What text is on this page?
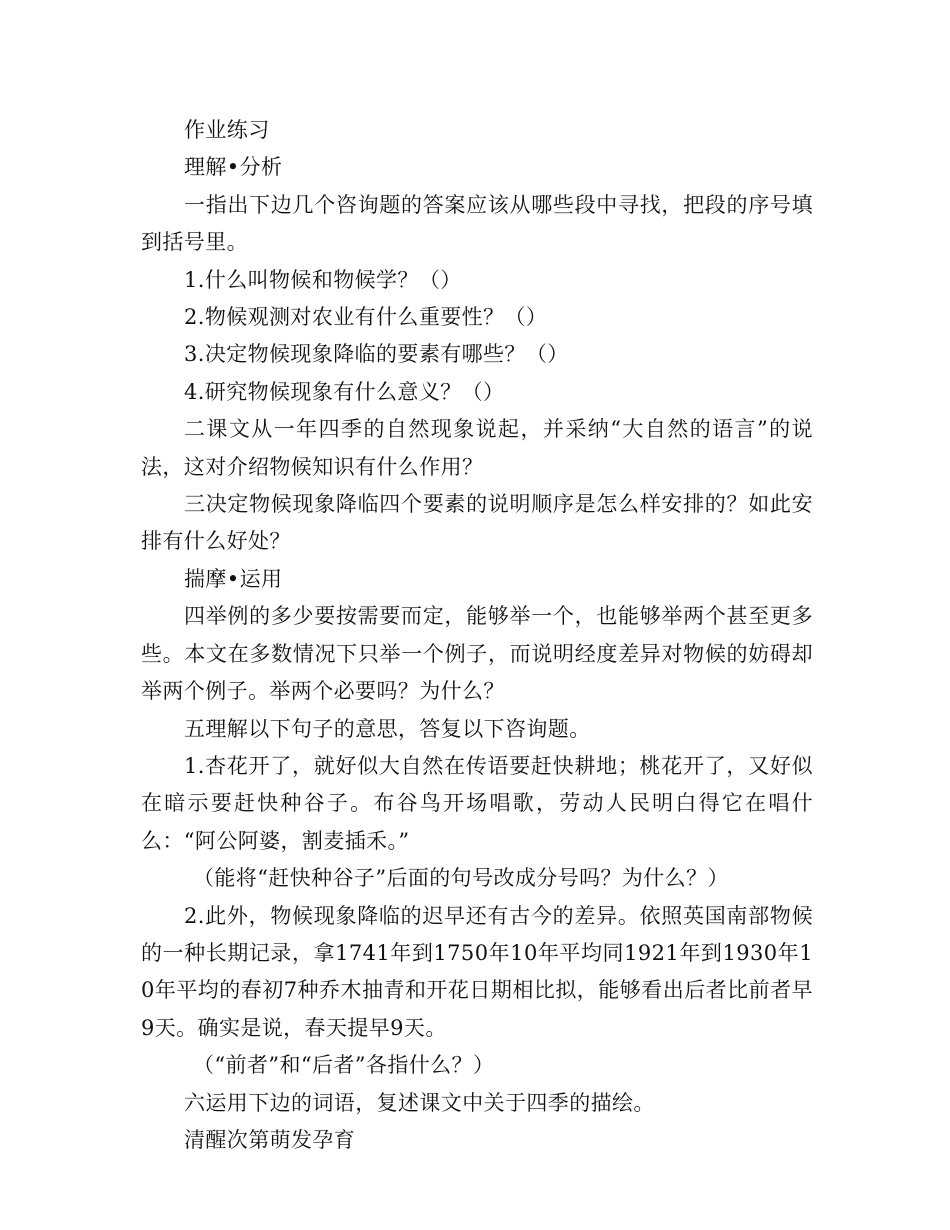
作业练习

理解•分析

一指出下边几个咨询题的答案应该从哪些段中寻找，把段的序号填到括号里。

1.什么叫物候和物候学？（）

2.物候观测对农业有什么重要性？（）

3.决定物候现象降临的要素有哪些？（）

4.研究物候现象有什么意义？（）

二课文从一年四季的自然现象说起，并采纳“大自然的语言”的说法，这对介绍物候知识有什么作用？

三决定物候现象降临四个要素的说明顺序是怎么样安排的？如此安排有什么好处？

揣摩•运用

四举例的多少要按需要而定，能够举一个，也能够举两个甚至更多些。本文在多数情况下只举一个例子，而说明经度差异对物候的妨碍却举两个例子。举两个必要吗？为什么？

五理解以下句子的意思，答复以下咨询题。

1.杏花开了，就好似大自然在传语要赶快耕地；桃花开了，又好似在暗示要赶快种谷子。布谷鸟开场唱歌，劳动人民明白得它在唱什么：“阿公阿婆，割麦插禾。”

（能将“赶快种谷子”后面的句号改成分号吗？为什么？）

2.此外，物候现象降临的迟早还有古今的差异。依照英国南部物候的一种长期记录，拿1741年到1750年10年平均同1921年到1930年10年平均的春初7种乔木抽青和开花日期相比拟，能够看出后者比前者早9天。确实是说，春天提早9天。

（“前者”和“后者”各指什么？）

六运用下边的词语，复述课文中关于四季的描绘。

清醒次第萌发孕育
